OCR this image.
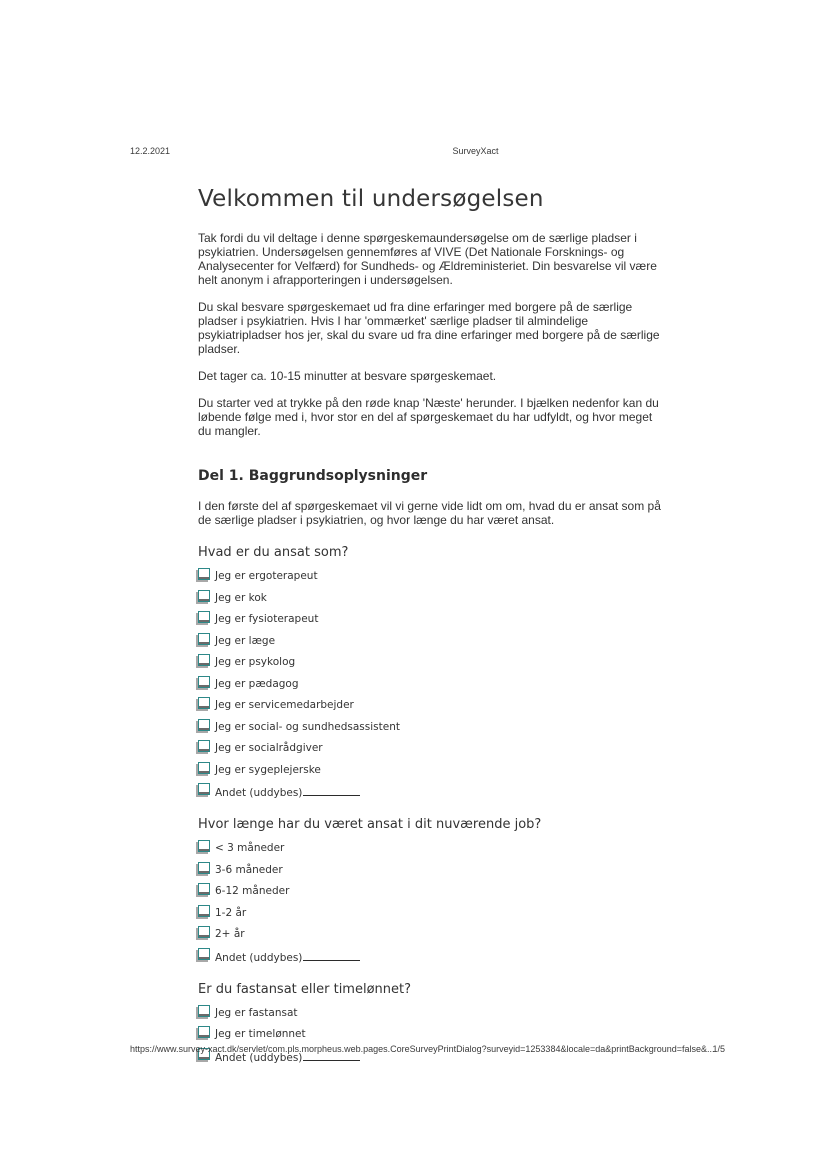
12.2.2021	SurveyXact
Velkommen til undersøgelsen

Tak fordi du vil deltage i denne spørgeskemaundersøgelse om de særlige pladser i psykiatrien. Undersøgelsen gennemføres af VIVE (Det Nationale Forsknings- og Analysecenter for Velfærd) for Sundheds- og Ældreministeriet. Din besvarelse vil være helt anonym i afrapporteringen i undersøgelsen.

Du skal besvare spørgeskemaet ud fra dine erfaringer med borgere på de særlige pladser i psykiatrien. Hvis I har 'ommærket' særlige pladser til almindelige psykiatripladser hos jer, skal du svare ud fra dine erfaringer med borgere på de særlige pladser.

Det tager ca. 10-15 minutter at besvare spørgeskemaet.

Du starter ved at trykke på den røde knap 'Næste' herunder. I bjælken nedenfor kan du løbende følge med i, hvor stor en del af spørgeskemaet du har udfyldt, og hvor meget du mangler.

Del 1. Baggrundsoplysninger

I den første del af spørgeskemaet vil vi gerne vide lidt om om, hvad du er ansat som på de særlige pladser i psykiatrien, og hvor længe du har været ansat.

Hvad er du ansat som?
Jeg er ergoterapeut
Jeg er kok
Jeg er fysioterapeut
Jeg er læge
Jeg er psykolog
Jeg er pædagog
Jeg er servicemedarbejder
Jeg er social- og sundhedsassistent
Jeg er socialrådgiver
Jeg er sygeplejerske
Andet (uddybes)
Hvor længe har du været ansat i dit nuværende job?
< 3 måneder
3-6 måneder
6-12 måneder
1-2 år
2+ år
Andet (uddybes)
Er du fastansat eller timelønnet?
Jeg er fastansat
Jeg er timelønnet
Andet (uddybes)
https://www.survey-xact.dk/servlet/com.pls.morpheus.web.pages.CoreSurveyPrintDialog?surveyid=1253384&locale=da&printBackground=false&...
1/5
